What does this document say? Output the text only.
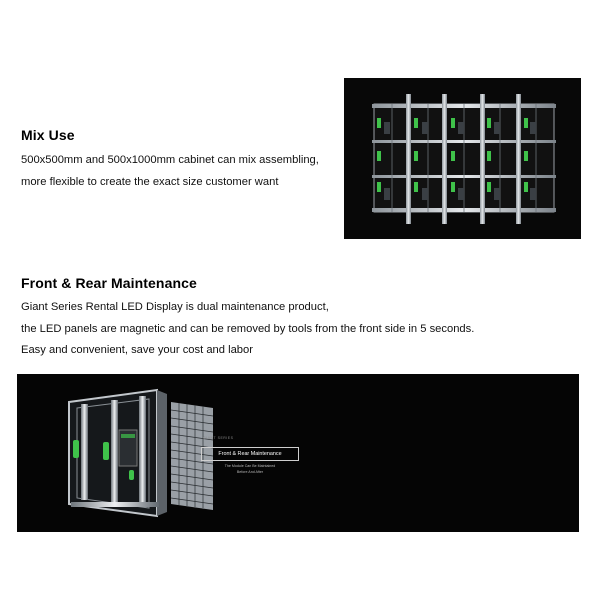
Mix Use
500x500mm and 500x1000mm cabinet can mix assembling,
more flexible to create the exact size customer want
Front & Rear Maintenance
Giant Series Rental LED Display is dual maintenance product,
the LED panels are magnetic and can be removed by tools from the front side in 5 seconds.
Easy and convenient, save your cost and labor
GIANT SERIES
Front & Rear Maintenance
The Module Can Be Maintained
Before And After
